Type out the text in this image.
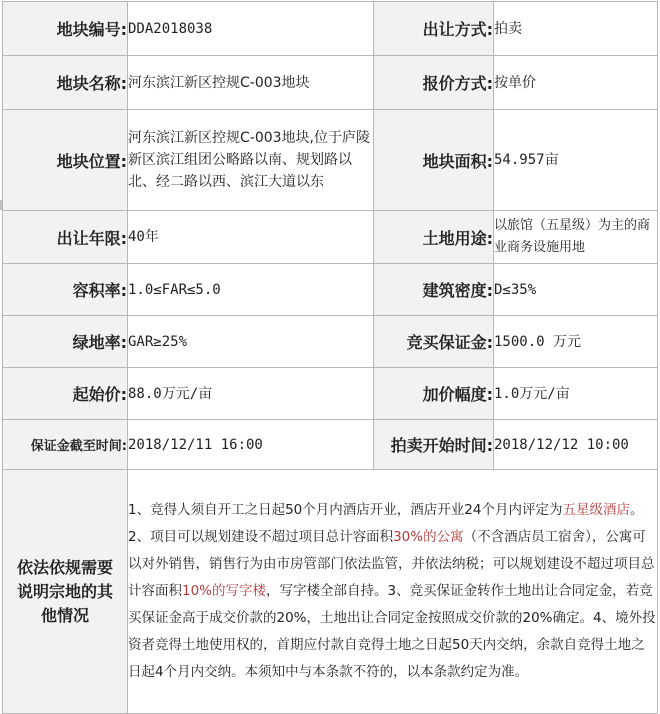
地块编号:	DDA2018038	出让方式:	拍卖
地块名称:	河东滨江新区控规C-003地块	报价方式:	按单价
地块位置:	河东滨江新区控规C-003地块,位于庐陵新区滨江组团公略路以南、规划路以北、经二路以西、滨江大道以东	地块面积:	54.957亩
出让年限:	40年	土地用途:	以旅馆（五星级）为主的商业商务设施用地
容积率:	1.0≤FAR≤5.0	建筑密度:	D≤35%
绿地率:	GAR≥25%	竞买保证金:	1500.0 万元
起始价:	88.0万元/亩	加价幅度:	1.0万元/亩
保证金截至时间:	2018/12/11 16:00	拍卖开始时间:	2018/12/12 10:00
依法依规需要说明宗地的其他情况	1、竞得人须自开工之日起50个月内酒店开业，酒店开业24个月内评定为五星级酒店。2、项目可以规划建设不超过项目总计容面积30%的公寓（不含酒店员工宿舍），公寓可以对外销售，销售行为由市房管部门依法监管，并依法纳税；可以规划建设不超过项目总计容面积10%的写字楼，写字楼全部自持。3、竞买保证金转作土地出让合同定金，若竞买保证金高于成交价款的20%，土地出让合同定金按照成交价款的20%确定。4、境外投资者竞得土地使用权的，首期应付款自竞得土地之日起50天内交纳，余款自竞得土地之日起4个月内交纳。本须知中与本条款不符的，以本条款约定为准。		
